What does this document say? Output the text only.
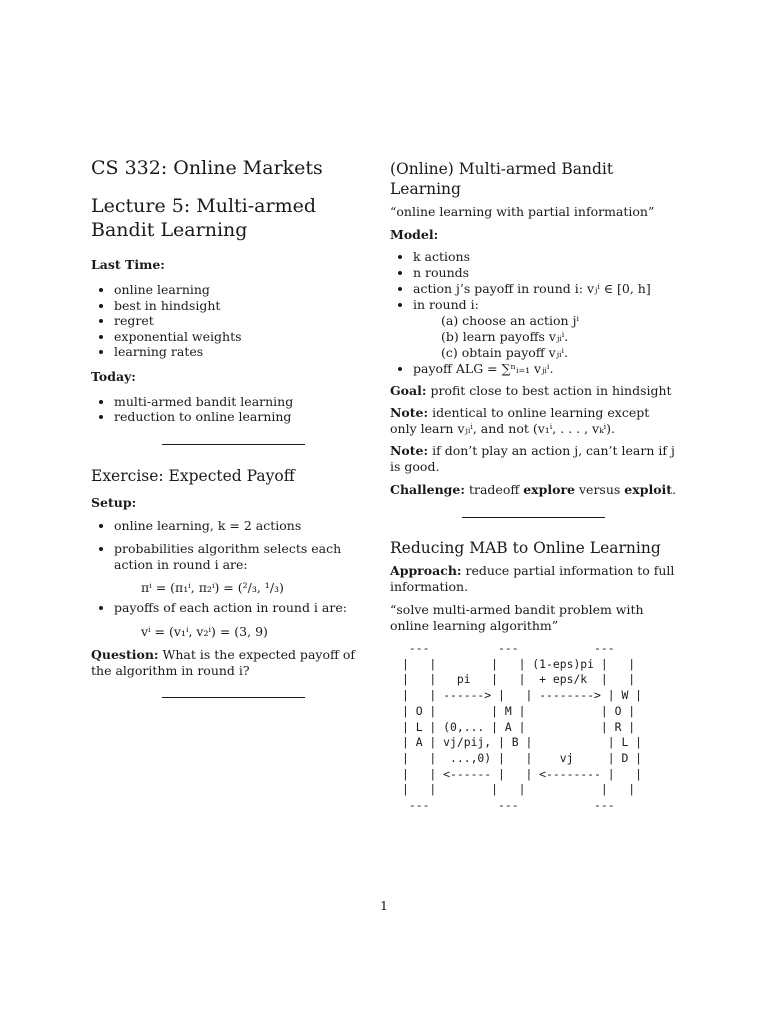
CS 332: Online Markets
Lecture 5: Multi-armed Bandit Learning
Last Time:
• online learning
• best in hindsight
• regret
• exponential weights
• learning rates
Today:
• multi-armed bandit learning
• reduction to online learning
Exercise: Expected Payoff
Setup:
• online learning, k = 2 actions
• probabilities algorithm selects each action in round i are:
πⁱ = (π₁ⁱ, π₂ⁱ) = (²/₃, ¹/₃)
• payoffs of each action in round i are:
vⁱ = (v₁ⁱ, v₂ⁱ) = (3, 9)

Question: What is the expected payoff of the algorithm in round i?

(Online) Multi-armed Bandit Learning

“online learning with partial information”

Model:
• k actions
• n rounds
• action j’s payoff in round i: vⱼⁱ ∈ [0, h]
• in round i:
(a) choose an action jⁱ
(b) learn payoffs vⱼᵢⁱ.
(c) obtain payoff vⱼᵢⁱ.
• payoff ALG = ∑ⁿᵢ₌₁ vⱼᵢⁱ.

Goal: profit close to best action in hindsight

Note: identical to online learning except only learn vⱼᵢⁱ, and not (v₁ⁱ, . . . , vₖⁱ).

Note: if don’t play an action j, can’t learn if j is good.

Challenge: tradeoff explore versus exploit.

Reducing MAB to Online Learning

Approach: reduce partial information to full information.

“solve multi-armed bandit problem with online learning algorithm”

---          ---           ---
|   |        |   | (1-eps)pi |   |
|   |   pi   |   |  + eps/k  |   |
|   | ------> |   | --------> | W |
| O |        | M |           | O |
| L | (0,... | A |           | R |
| A | vj/pij, | B |           | L |
|   |  ...,0) |   |    vj     | D |
|   | <------ |   | <-------- |   |
|   |        |   |           |   |
---          ---           ---
1
